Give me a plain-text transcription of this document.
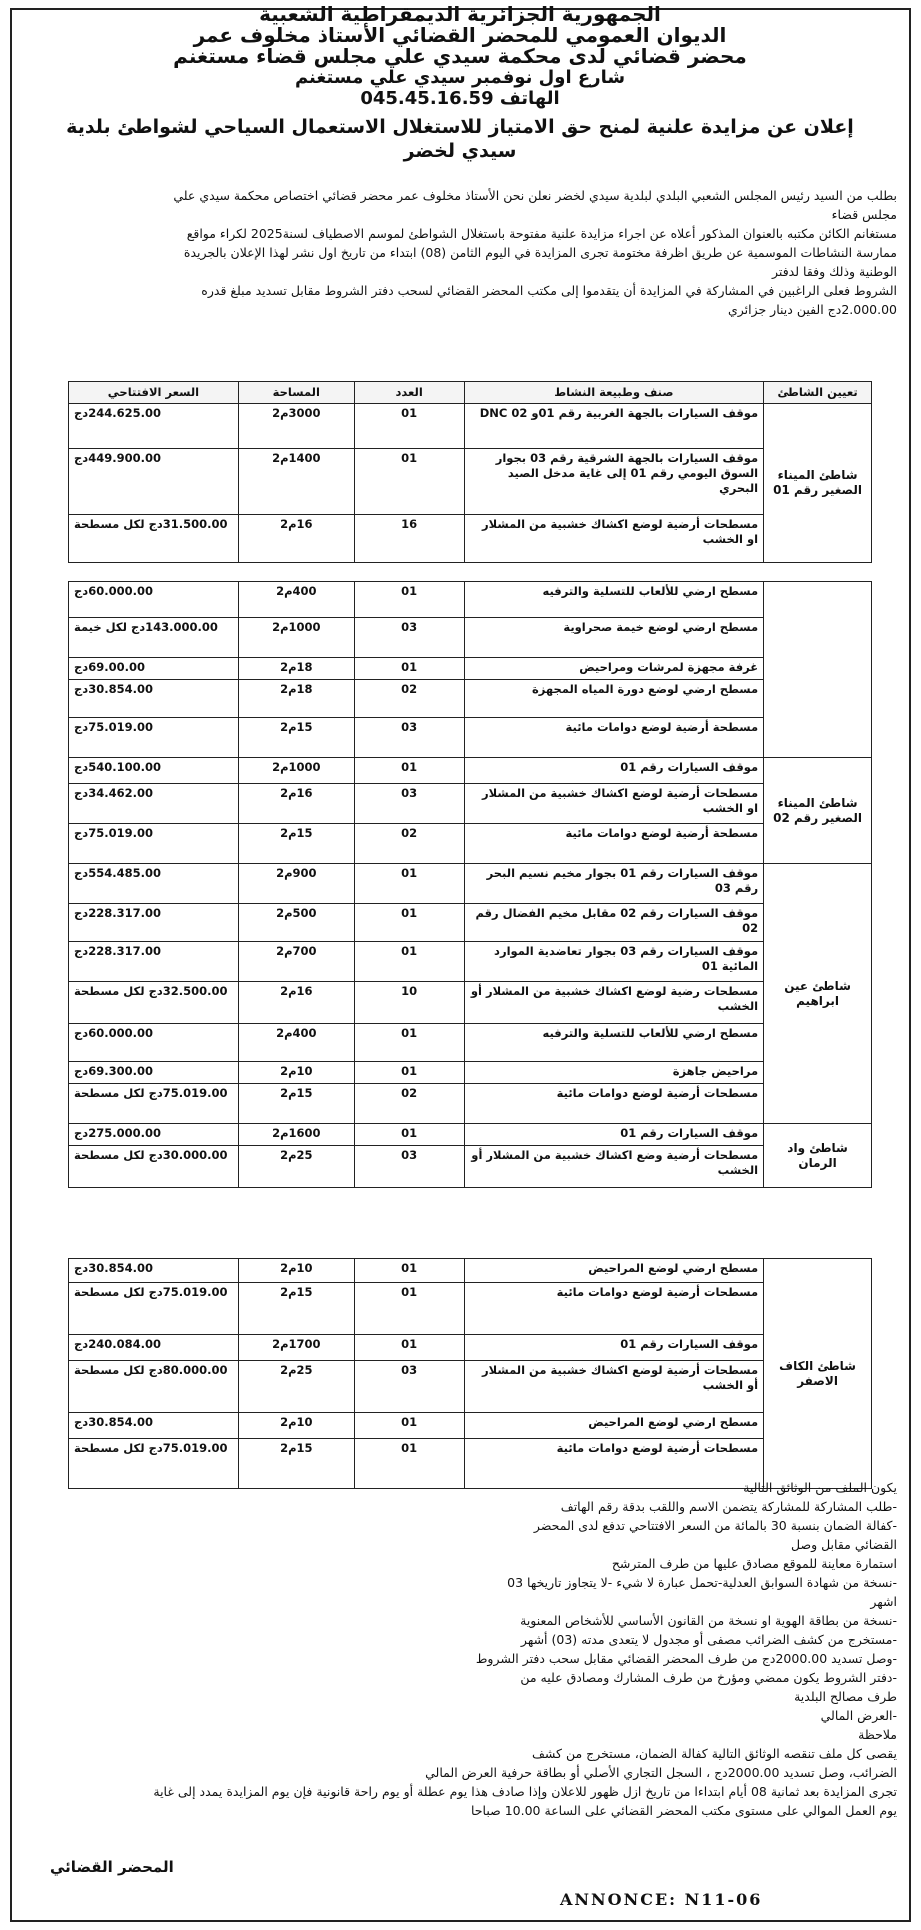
الجمهورية الجزائرية الديمقراطية الشعبية
الديوان العمومي للمحضر القضائي الأستاذ مخلوف عمر
محضر قضائي لدى محكمة سيدي علي مجلس قضاء مستغنم
شارع اول نوفمبر سيدي علي مستغنم
الهاتف 045.45.16.59
إعلان عن مزايدة علنية لمنح حق الامتياز للاستغلال الاستعمال السياحي لشواطئ بلدية
سيدي لخضر
بطلب من السيد رئيس المجلس الشعبي البلدي لبلدية سيدي لخضر نعلن نحن الأستاذ مخلوف عمر محضر قضائي اختصاص محكمة سيدي علي
مجلس قضاء
مستغانم الكائن مكتبه بالعنوان المذكور أعلاه عن اجراء مزايدة علنية مفتوحة باستغلال الشواطئ لموسم الاصطياف لسنة2025 لكراء مواقع
ممارسة النشاطات الموسمية عن طريق اظرفة مختومة تجرى المزايدة في اليوم الثامن (08) ابتداء من تاريخ اول نشر لهذا الإعلان بالجريدة
الوطنية وذلك وفقا لدفتر
الشروط فعلى الراغبين في المشاركة في المزايدة أن يتقدموا إلى مكتب المحضر القضائي لسحب دفتر الشروط مقابل تسديد مبلغ قدره
2.000.00دج الفين دينار جزائري
تعيين الشاطئ	صنف وطبيعة النشاط	العدد	المساحة	السعر الافتتاحي
شاطئ الميناء الصغير رقم 01	موقف السيارات بالجهة الغربية رقم 01و 02 DNC	01	3000م2	244.625.00دج
	موقف السيارات بالجهة الشرقية رقم 03 بجوار السوق اليومي رقم 01 إلى غاية مدخل الصيد البحري	01	1400م2	449.900.00دج
	مسطحات أرضية لوضع اكشاك خشبية من المشلار او الخشب	16	16م2	31.500.00دج لكل مسطحة
	مسطح ارضي للألعاب للتسلية والترفيه	01	400م2	60.000.00دج
	مسطح ارضي لوضع خيمة صحراوية	03	1000م2	143.000.00دج لكل خيمة
	غرفة مجهزة لمرشات ومراحيض	01	18م2	69.00.00دج
	مسطح ارضي لوضع دورة المياه المجهزة	02	18م2	30.854.00دج
	مسطحة أرضية لوضع دوامات مائية	03	15م2	75.019.00دج
شاطئ الميناء الصغير رقم 02	موقف السيارات رقم 01	01	1000م2	540.100.00دج
	مسطحات أرضية لوضع اكشاك خشبية من المشلار او الخشب	03	16م2	34.462.00دج
	مسطحة أرضية لوضع دوامات مائية	02	15م2	75.019.00دج
شاطئ عين ابراهيم	موقف السيارات رقم 01 بجوار مخيم نسيم البحر رقم 03	01	900م2	554.485.00دج
	موقف السيارات رقم 02 مقابل مخيم الفضال رقم 02	01	500م2	228.317.00دج
	موقف السيارات رقم 03 بجوار تعاضدية الموارد المائية 01	01	700م2	228.317.00دج
	مسطحات رضية لوضع اكشاك خشبية من المشلار أو الخشب	10	16م2	32.500.00دج لكل مسطحة
	مسطح ارضي للألعاب للتسلية والترفيه	01	400م2	60.000.00دج
	مراحيض جاهزة	01	10م2	69.300.00دج
	مسطحات أرضية لوضع دوامات مائية	02	15م2	75.019.00دج لكل مسطحة
شاطئ واد الرمان	موقف السيارات رقم 01	01	1600م2	275.000.00دج
	مسطحات أرضية وضع اكشاك خشبية من المشلار أو الخشب	03	25م2	30.000.00دج لكل مسطحة
شاطئ الكاف الاصفر	مسطح ارضي لوضع المراحيض	01	10م2	30.854.00دج
	مسطحات أرضية لوضع دوامات مائية	01	15م2	75.019.00دج لكل مسطحة
	موقف السيارات رقم 01	01	1700م2	240.084.00دج
	مسطحات أرضية لوضع اكشاك خشبية من المشلار أو الخشب	03	25م2	80.000.00دج لكل مسطحة
	مسطح ارضي لوضع المراحيض	01	10م2	30.854.00دج
	مسطحات أرضية لوضع دوامات مائية	01	15م2	75.019.00دج لكل مسطحة
يكون الملف من الوثائق التالية
-طلب المشاركة للمشاركة يتضمن الاسم واللقب بدقة رقم الهاتف
-كفالة الضمان بنسبة 30 بالمائة من السعر الافتتاحي تدفع لدى المحضر
القضائي مقابل وصل
استمارة معاينة للموقع مصادق عليها من طرف المترشح
-نسخة من شهادة السوابق العدلية-تحمل عبارة لا شيء -لا يتجاوز تاريخها 03
اشهر
-نسخة من بطاقة الهوية او نسخة من القانون الأساسي للأشخاص المعنوية
-مستخرج من كشف الضرائب مصفى أو مجدول لا يتعدى مدته (03) أشهر
-وصل تسديد 2000.00دج من طرف المحضر القضائي مقابل سحب دفتر الشروط
-دفتر الشروط يكون ممضي ومؤرخ من طرف المشارك ومصادق عليه من
طرف مصالح البلدية
-العرض المالي
ملاحظة
يقصى كل ملف تنقصه الوثائق التالية كفالة الضمان، مستخرج من كشف
الضرائب، وصل تسديد 2000.00دج ، السجل التجاري الأصلي أو بطاقة حرفية العرض المالي
تجرى المزايدة بعد ثمانية 08 أيام ابتداءا من تاريخ ازل ظهور للاعلان وإذا صادف هذا يوم عطلة أو يوم راحة قانونية فإن يوم المزايدة يمدد إلى غاية
يوم العمل الموالي على مستوى مكتب المحضر القضائي على الساعة 10.00 صباحا
المحضر القضائي
ANNONCE: N11-06
